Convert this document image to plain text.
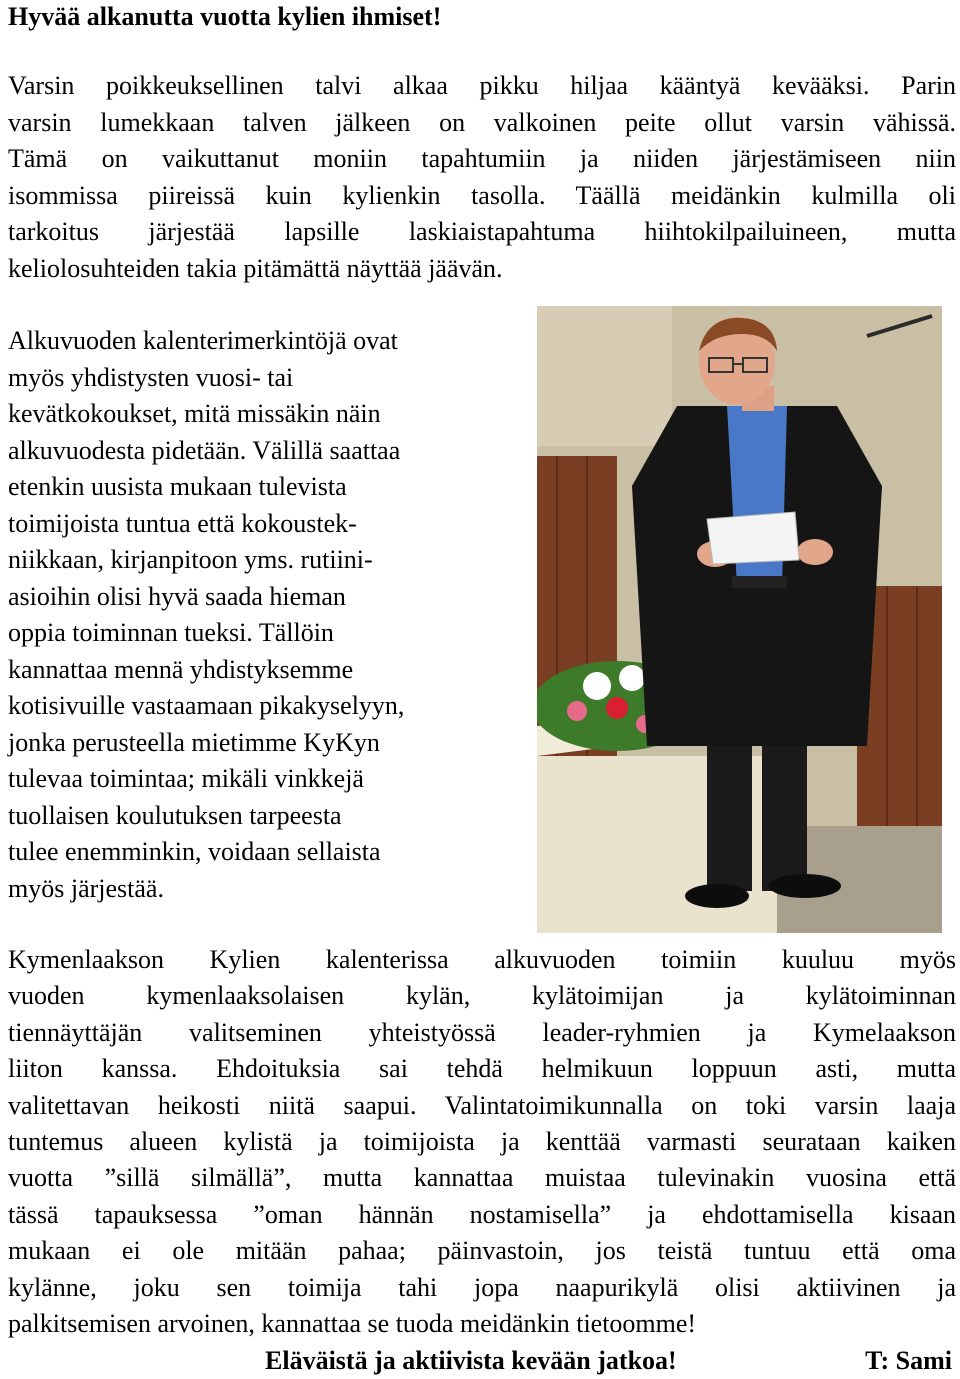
Hyvää alkanutta vuotta kylien ihmiset!
Varsin poikkeuksellinen talvi alkaa pikku hiljaa kääntyä kevääksi. Parin
varsin lumekkaan talven jälkeen on valkoinen peite ollut varsin vähissä.
Tämä on vaikuttanut moniin tapahtumiin ja niiden järjestämiseen niin
isommissa piireissä kuin kylienkin tasolla. Täällä meidänkin kulmilla oli
tarkoitus järjestää lapsille laskiaistapahtuma hiihtokilpailuineen, mutta
keliolosuhteiden takia pitämättä näyttää jäävän.
Alkuvuoden kalenterimerkintöjä ovat
myös yhdistysten vuosi- tai
kevätkokoukset, mitä missäkin näin
alkuvuodesta pidetään. Välillä saattaa
etenkin uusista mukaan tulevista
toimijoista tuntua että kokoustek-
niikkaan, kirjanpitoon yms. rutiini-
asioihin olisi hyvä saada hieman
oppia toiminnan tueksi. Tällöin
kannattaa mennä yhdistyksemme
kotisivuille vastaamaan pikakyselyyn,
jonka perusteella mietimme KyKyn
tulevaa toimintaa; mikäli vinkkejä
tuollaisen koulutuksen tarpeesta
tulee enemminkin, voidaan sellaista
myös järjestää.
Kymenlaakson Kylien kalenterissa alkuvuoden toimiin kuuluu myös
vuoden kymenlaaksolaisen kylän, kylätoimijan ja kylätoiminnan
tiennäyttäjän valitseminen yhteistyössä leader-ryhmien ja Kymelaakson
liiton kanssa. Ehdoituksia sai tehdä helmikuun loppuun asti, mutta
valitettavan heikosti niitä saapui. Valintatoimikunnalla on toki varsin laaja
tuntemus alueen kylistä ja toimijoista ja kenttää varmasti seurataan kaiken
vuotta ”sillä silmällä”, mutta kannattaa muistaa tulevinakin vuosina että
tässä tapauksessa ”oman hännän nostamisella” ja ehdottamisella kisaan
mukaan ei ole mitään pahaa; päinvastoin, jos teistä tuntuu että oma
kylänne, joku sen toimija tahi jopa naapurikylä olisi aktiivinen ja
palkitsemisen arvoinen, kannattaa se tuoda meidänkin tietoomme!
Eläväistä ja aktiivista kevään jatkoa!	T: Sami
